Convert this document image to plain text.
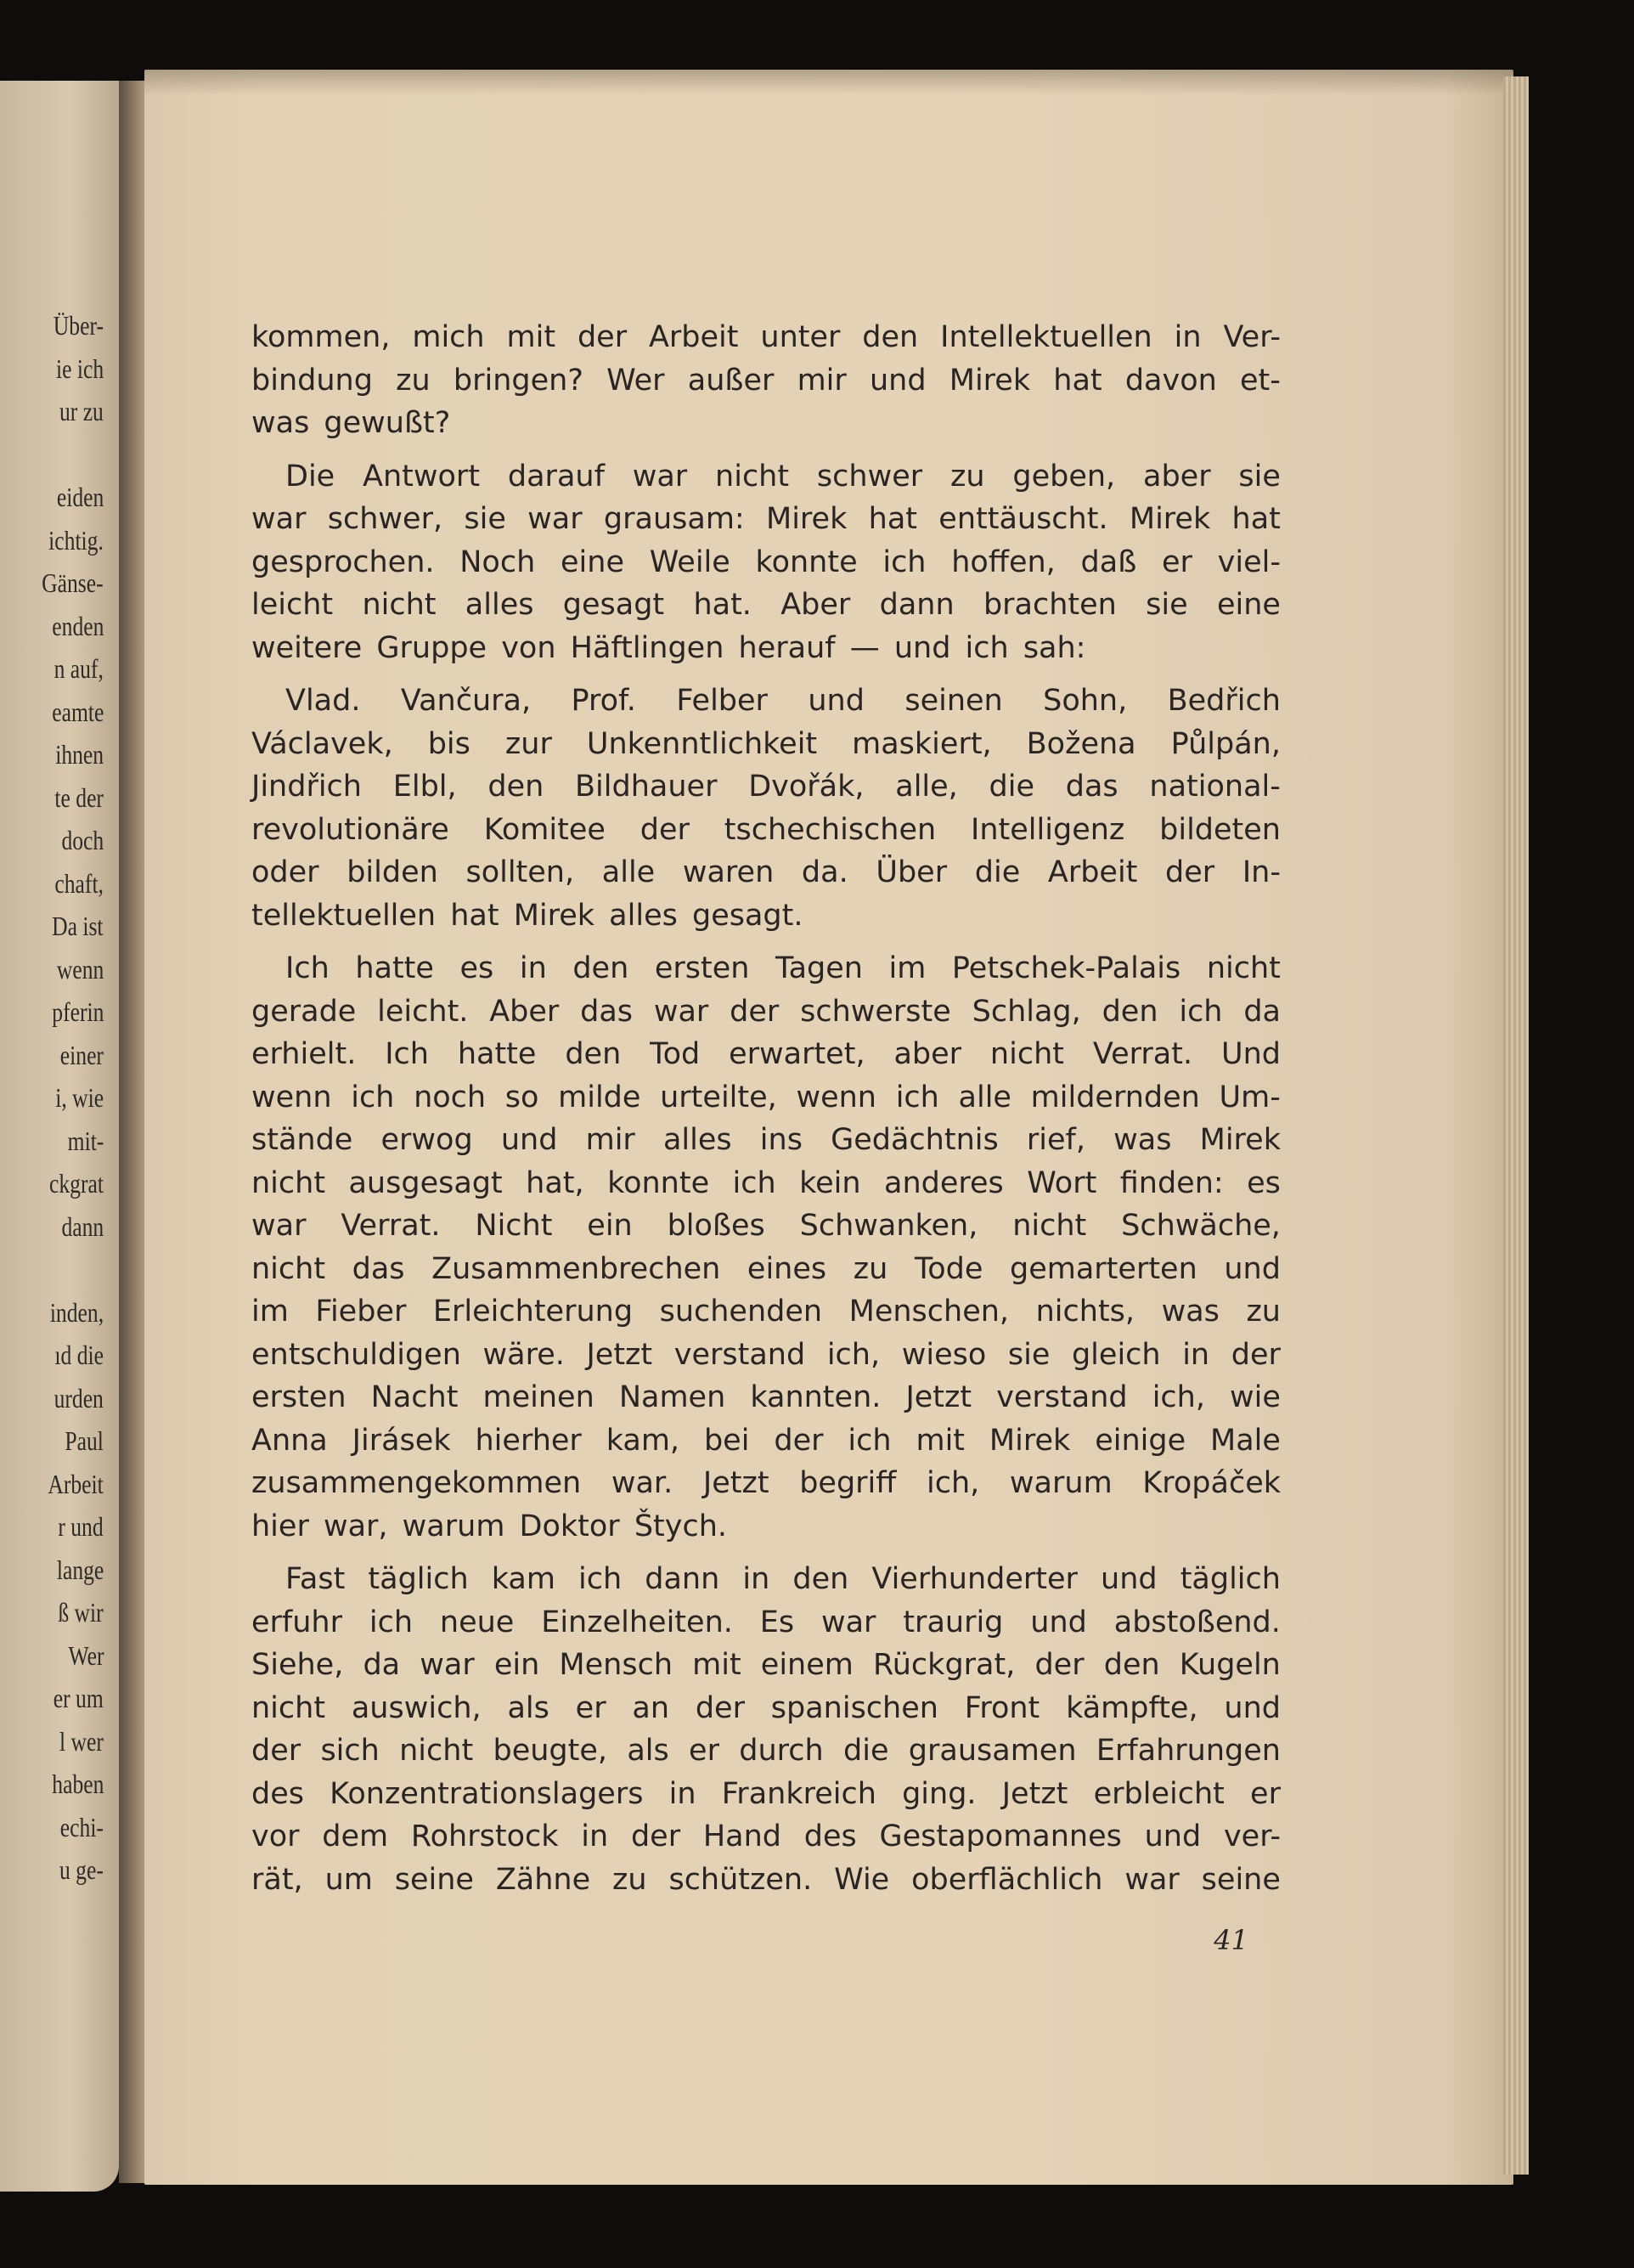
Über-
ie ich
ur zu
eiden
ichtig.
Gänse-
enden
n auf,
eamte
ihnen
te der
doch
chaft,
Da ist
wenn
pferin
einer
i, wie
mit-
ckgrat
dann
inden,
ıd die
urden
Paul
Arbeit
r und
lange
ß wir
Wer
er um
l wer
haben
echi-
u ge-
kommen, mich mit der Arbeit unter den Intellektuellen in Ver-
bindung zu bringen? Wer außer mir und Mirek hat davon et-
was gewußt?
Die Antwort darauf war nicht schwer zu geben, aber sie
war schwer, sie war grausam: Mirek hat enttäuscht. Mirek hat
gesprochen. Noch eine Weile konnte ich hoffen, daß er viel-
leicht nicht alles gesagt hat. Aber dann brachten sie eine
weitere Gruppe von Häftlingen herauf — und ich sah:
Vlad. Vančura, Prof. Felber und seinen Sohn, Bedřich
Václavek, bis zur Unkenntlichkeit maskiert, Božena Půlpán,
Jindřich Elbl, den Bildhauer Dvořák, alle, die das national-
revolutionäre Komitee der tschechischen Intelligenz bildeten
oder bilden sollten, alle waren da. Über die Arbeit der In-
tellektuellen hat Mirek alles gesagt.
Ich hatte es in den ersten Tagen im Petschek-Palais nicht
gerade leicht. Aber das war der schwerste Schlag, den ich da
erhielt. Ich hatte den Tod erwartet, aber nicht Verrat. Und
wenn ich noch so milde urteilte, wenn ich alle mildernden Um-
stände erwog und mir alles ins Gedächtnis rief, was Mirek
nicht ausgesagt hat, konnte ich kein anderes Wort finden: es
war Verrat. Nicht ein bloßes Schwanken, nicht Schwäche,
nicht das Zusammenbrechen eines zu Tode gemarterten und
im Fieber Erleichterung suchenden Menschen, nichts, was zu
entschuldigen wäre. Jetzt verstand ich, wieso sie gleich in der
ersten Nacht meinen Namen kannten. Jetzt verstand ich, wie
Anna Jirásek hierher kam, bei der ich mit Mirek einige Male
zusammengekommen war. Jetzt begriff ich, warum Kropáček
hier war, warum Doktor Štych.
Fast täglich kam ich dann in den Vierhunderter und täglich
erfuhr ich neue Einzelheiten. Es war traurig und abstoßend.
Siehe, da war ein Mensch mit einem Rückgrat, der den Kugeln
nicht auswich, als er an der spanischen Front kämpfte, und
der sich nicht beugte, als er durch die grausamen Erfahrungen
des Konzentrationslagers in Frankreich ging. Jetzt erbleicht er
vor dem Rohrstock in der Hand des Gestapomannes und ver-
rät, um seine Zähne zu schützen. Wie oberflächlich war seine
41
